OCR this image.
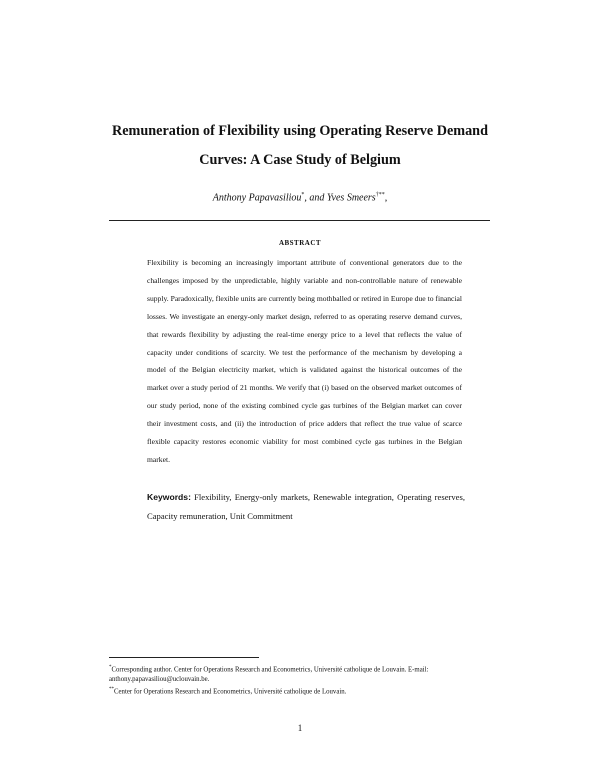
Remuneration of Flexibility using Operating Reserve Demand
Curves: A Case Study of Belgium
Anthony Papavasiliou*, and Yves Smeers†**,
ABSTRACT
Flexibility is becoming an increasingly important attribute of conventional generators due to the challenges imposed by the unpredictable, highly variable and non-controllable nature of renewable supply. Paradoxically, flexible units are currently being mothballed or retired in Europe due to financial losses. We investigate an energy-only market design, referred to as operating reserve demand curves, that rewards flexibility by adjusting the real-time energy price to a level that reflects the value of capacity under conditions of scarcity. We test the performance of the mechanism by developing a model of the Belgian electricity market, which is validated against the historical outcomes of the market over a study period of 21 months. We verify that (i) based on the observed market outcomes of our study period, none of the existing combined cycle gas turbines of the Belgian market can cover their investment costs, and (ii) the introduction of price adders that reflect the true value of scarce flexible capacity restores economic viability for most combined cycle gas turbines in the Belgian market.
Keywords: Flexibility, Energy-only markets, Renewable integration, Operating reserves, Capacity remuneration, Unit Commitment
*Corresponding author. Center for Operations Research and Econometrics, Université catholique de Louvain. E-mail: anthony.papavasiliou@uclouvain.be.
**Center for Operations Research and Econometrics, Université catholique de Louvain.
1
